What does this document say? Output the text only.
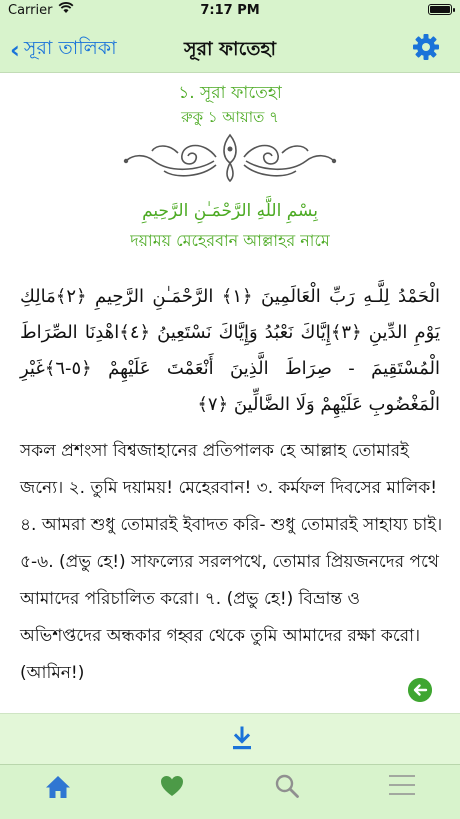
Carrier	7:17 PM
‹ সূরা তালিকা	সূরা ফাতেহা
১. সূরা ফাতেহা
রুকু ১ আয়াত ৭
بِسْمِ اللَّهِ الرَّحْمَـٰنِ الرَّحِيمِ
দয়াময় মেহেরবান আল্লাহর নামে
الْحَمْدُ لِلَّـهِ رَبِّ الْعَالَمِينَ ﴿١﴾ الرَّحْمَـٰنِ الرَّحِيمِ ﴿٢﴾مَالِكِ يَوْمِ الدِّينِ ﴿٣﴾إِيَّاكَ نَعْبُدُ وَإِيَّاكَ نَسْتَعِينُ ﴿٤﴾اهْدِنَا الصِّرَاطَ الْمُسْتَقِيمَ - صِرَاطَ الَّذِينَ أَنْعَمْتَ عَلَيْهِمْ ﴿٥-٦﴾غَيْرِ الْمَغْضُوبِ عَلَيْهِمْ وَلَا الضَّالِّينَ ﴿٧﴾
সকল প্রশংসা বিশ্বজাহানের প্রতিপালক হে আল্লাহ তোমারই জন্যে। ২. তুমি দয়াময়! মেহেরবান! ৩. কর্মফল দিবসের মালিক! ৪. আমরা শুধু তোমারই ইবাদত করি- শুধু তোমারই সাহায্য চাই। ৫-৬. (প্রভু হে!) সাফল্যের সরলপথে, তোমার প্রিয়জনদের পথে আমাদের পরিচালিত করো। ৭. (প্রভু হে!) বিভ্রান্ত ও অভিশপ্তদের অন্ধকার গহ্বর থেকে তুমি আমাদের রক্ষা করো। (আমিন!)
